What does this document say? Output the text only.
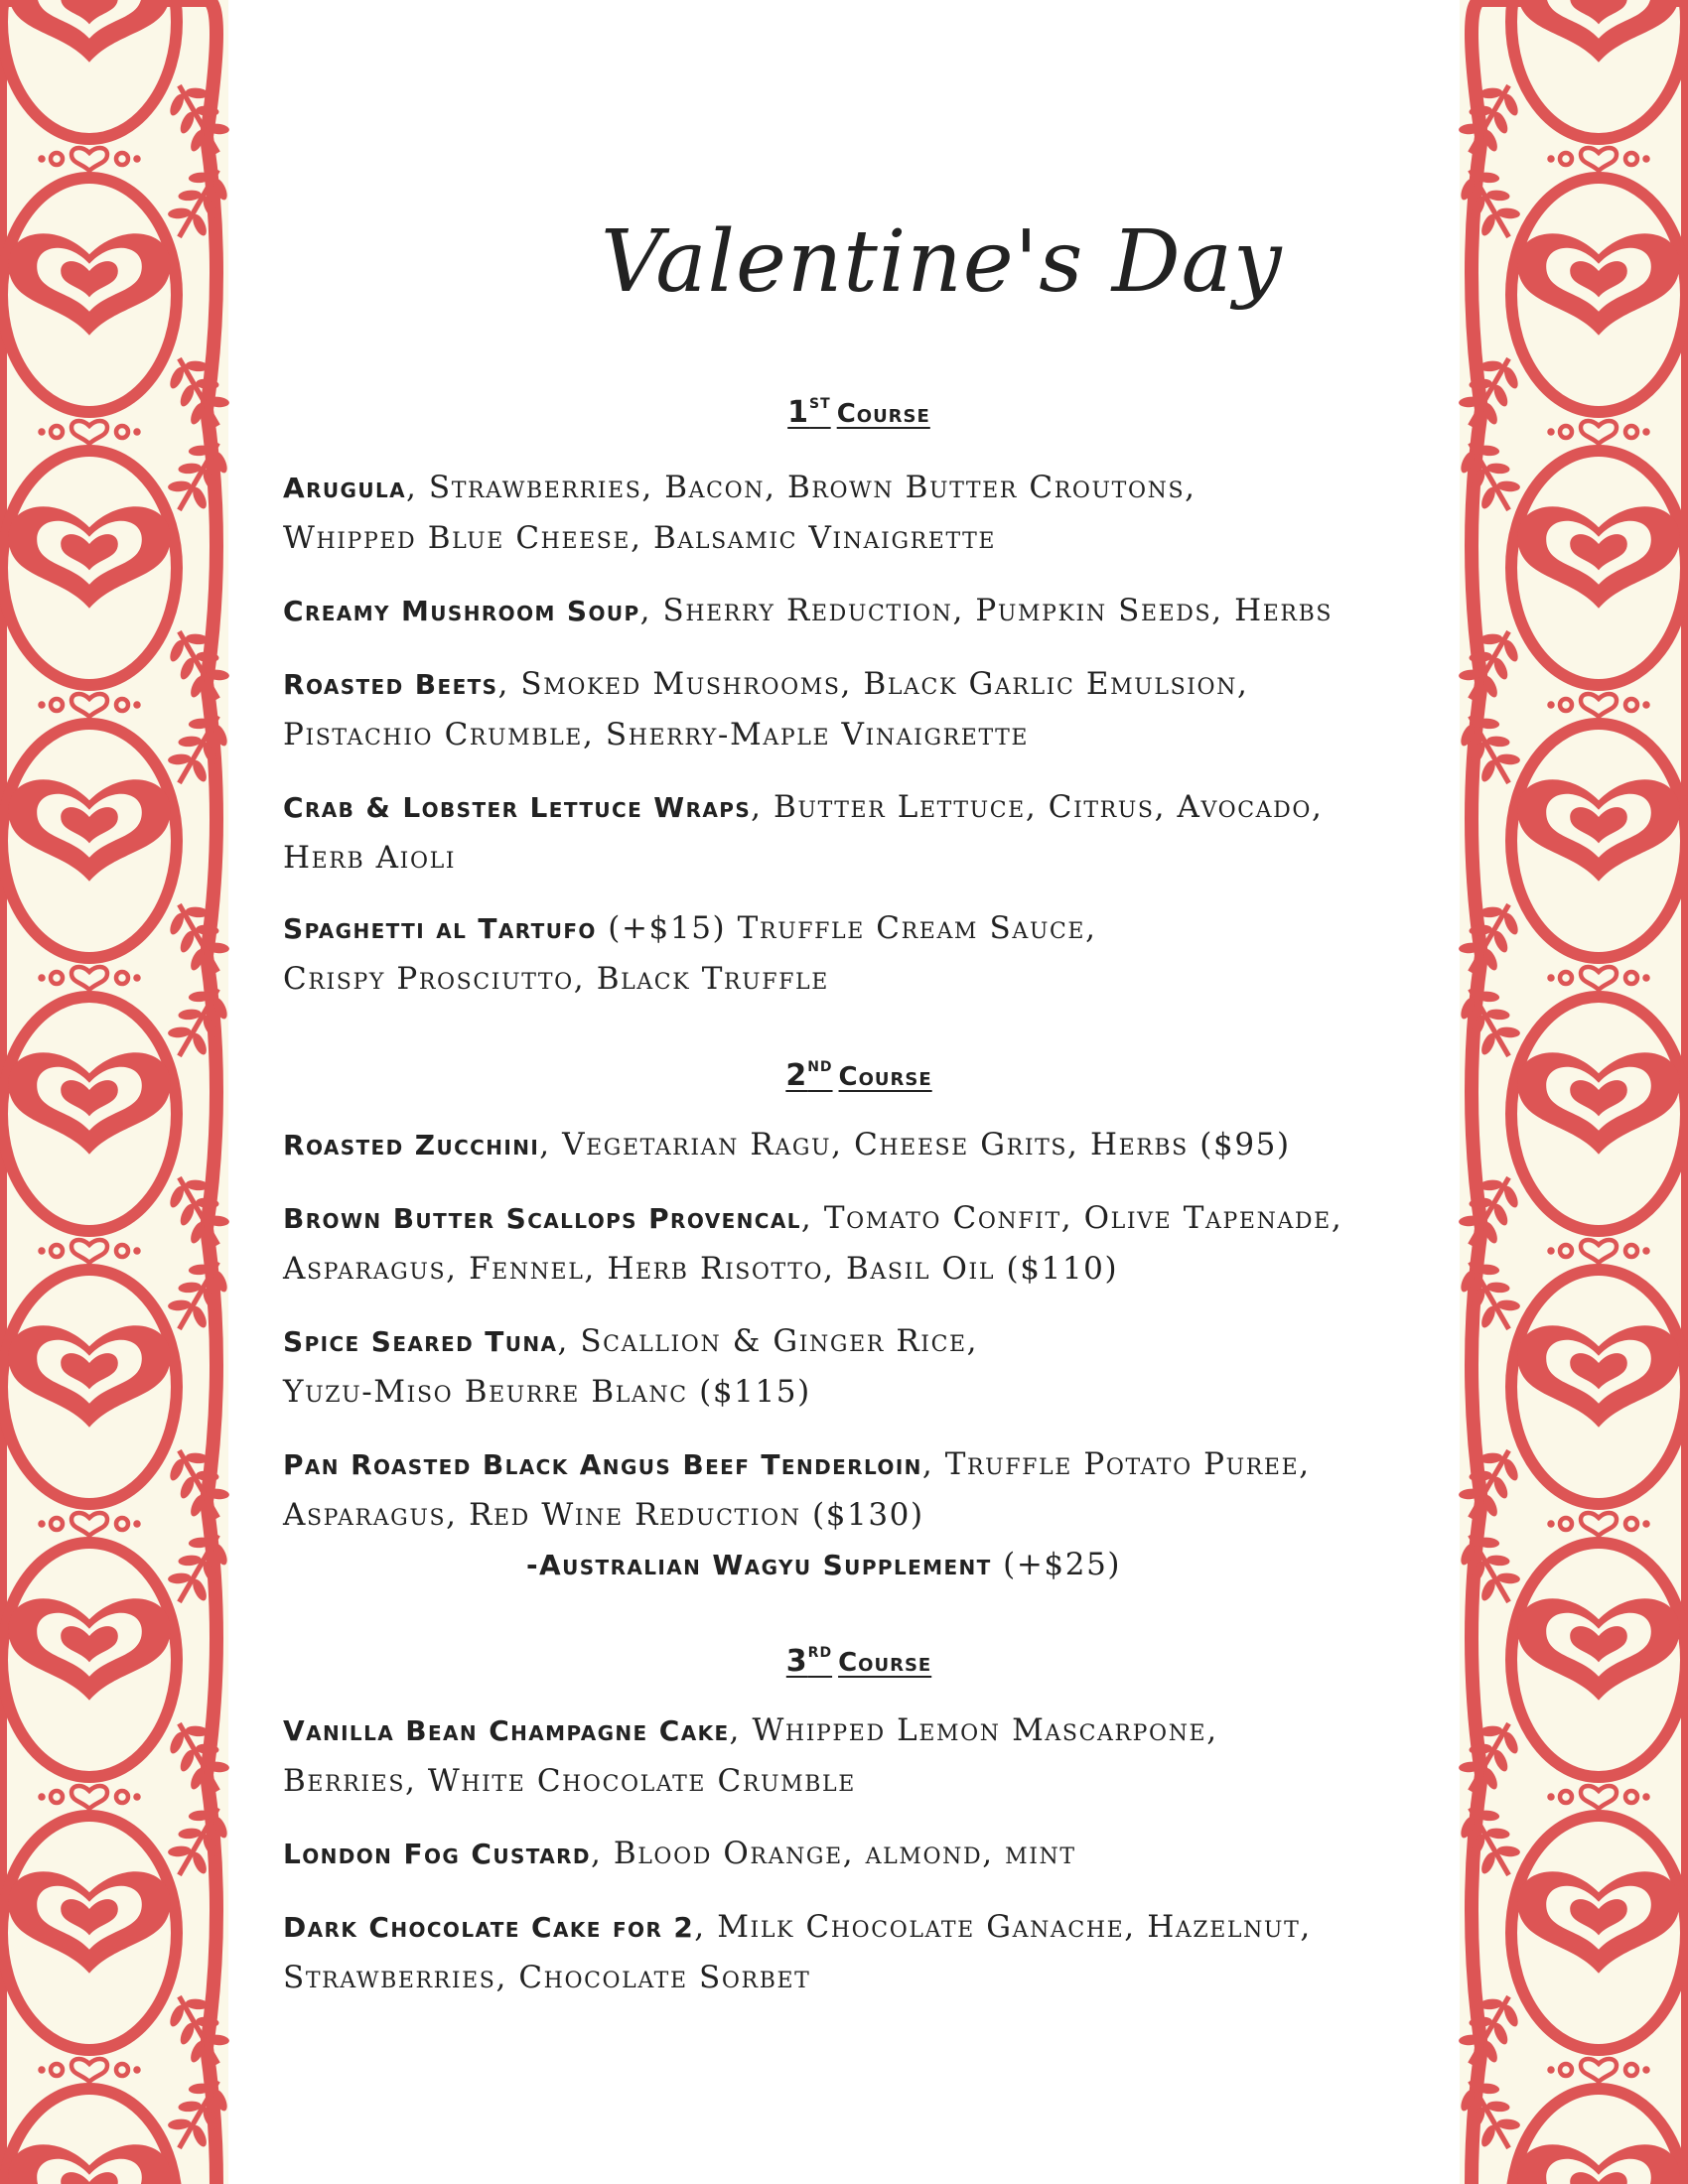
Valentine's Day
1ST Course
Arugula, Strawberries, Bacon, Brown Butter Croutons,
Whipped Blue Cheese, Balsamic Vinaigrette
Creamy Mushroom Soup, Sherry Reduction, Pumpkin Seeds, Herbs
Roasted Beets, Smoked Mushrooms, Black Garlic Emulsion,
Pistachio Crumble, Sherry-Maple Vinaigrette
Crab & Lobster Lettuce Wraps, Butter Lettuce, Citrus, Avocado,
Herb Aioli
Spaghetti al Tartufo (+$15) Truffle Cream Sauce,
Crispy Prosciutto, Black Truffle
2ND Course
Roasted Zucchini, Vegetarian Ragu, Cheese Grits, Herbs ($95)
Brown Butter Scallops Provencal, Tomato Confit, Olive Tapenade,
Asparagus, Fennel, Herb Risotto, Basil Oil ($110)
Spice Seared Tuna, Scallion & Ginger Rice,
Yuzu-Miso Beurre Blanc ($115)
Pan Roasted Black Angus Beef Tenderloin, Truffle Potato Puree,
Asparagus, Red Wine Reduction ($130)
-Australian Wagyu Supplement (+$25)
3RD Course
Vanilla Bean Champagne Cake, Whipped Lemon Mascarpone,
Berries, White Chocolate Crumble
London Fog Custard, Blood Orange, almond, mint
Dark Chocolate Cake for 2, Milk Chocolate Ganache, Hazelnut,
Strawberries, Chocolate Sorbet
